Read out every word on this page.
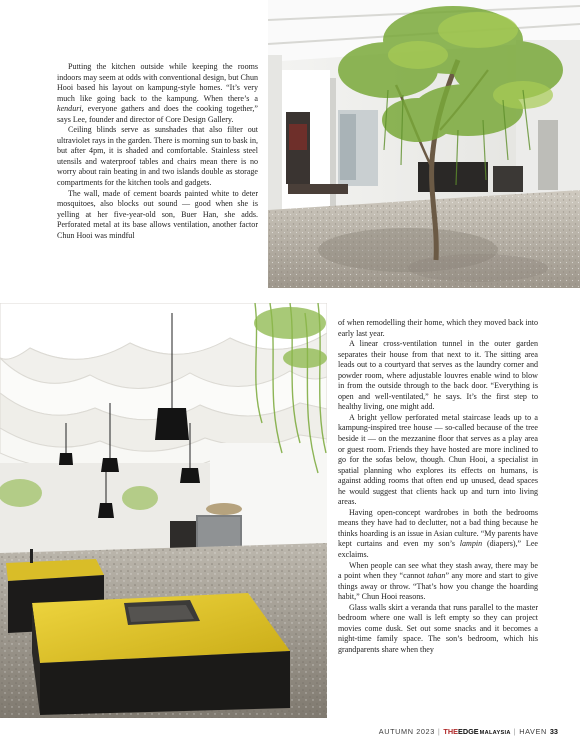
Putting the kitchen outside while keeping the rooms indoors may seem at odds with conventional design, but Chun Hooi based his layout on kampung-style homes. “It’s very much like going back to the kampung. When there’s a kenduri, everyone gathers and does the cooking together,” says Lee, founder and director of Core Design Gallery.

Ceiling blinds serve as sunshades that also filter out ultraviolet rays in the garden. There is morning sun to bask in, but after 4pm, it is shaded and comfortable. Stainless steel utensils and waterproof tables and chairs mean there is no worry about rain beating in and two islands double as storage compartments for the kitchen tools and gadgets.

The wall, made of cement boards painted white to deter mosquitoes, also blocks out sound — good when she is yelling at her five-year-old son, Buer Han, she adds. Perforated metal at its base allows ventilation, another factor Chun Hooi was mindful

of when remodelling their home, which they moved back into early last year.

A linear cross-ventilation tunnel in the outer garden separates their house from that next to it. The sitting area leads out to a courtyard that serves as the laundry corner and powder room, where adjustable louvres enable wind to blow in from the outside through to the back door. “Everything is open and well-ventilated,” he says. It’s the first step to healthy living, one might add.

A bright yellow perforated metal staircase leads up to a kampung-inspired tree house — so-called because of the tree beside it — on the mezzanine floor that serves as a play area or guest room. Friends they have hosted are more inclined to go for the sofas below, though. Chun Hooi, a specialist in spatial planning who explores its effects on humans, is against adding rooms that often end up unused, dead spaces he would suggest that clients hack up and turn into living areas.

Having open-concept wardrobes in both the bedrooms means they have had to declutter, not a bad thing because he thinks hoarding is an issue in Asian culture. “My parents have kept curtains and even my son’s lampin (diapers),” Lee exclaims.

When people can see what they stash away, there may be a point when they “cannot tahan” any more and start to give things away or throw. “That’s how you change the hoarding habit,” Chun Hooi reasons.

Glass walls skirt a veranda that runs parallel to the master bedroom where one wall is left empty so they can project movies come dusk. Set out some snacks and it becomes a night-time family space. The son’s bedroom, which his grandparents share when they

AUTUMN 2023 | THEEDGEMALAYSIA | HAVEN 33
